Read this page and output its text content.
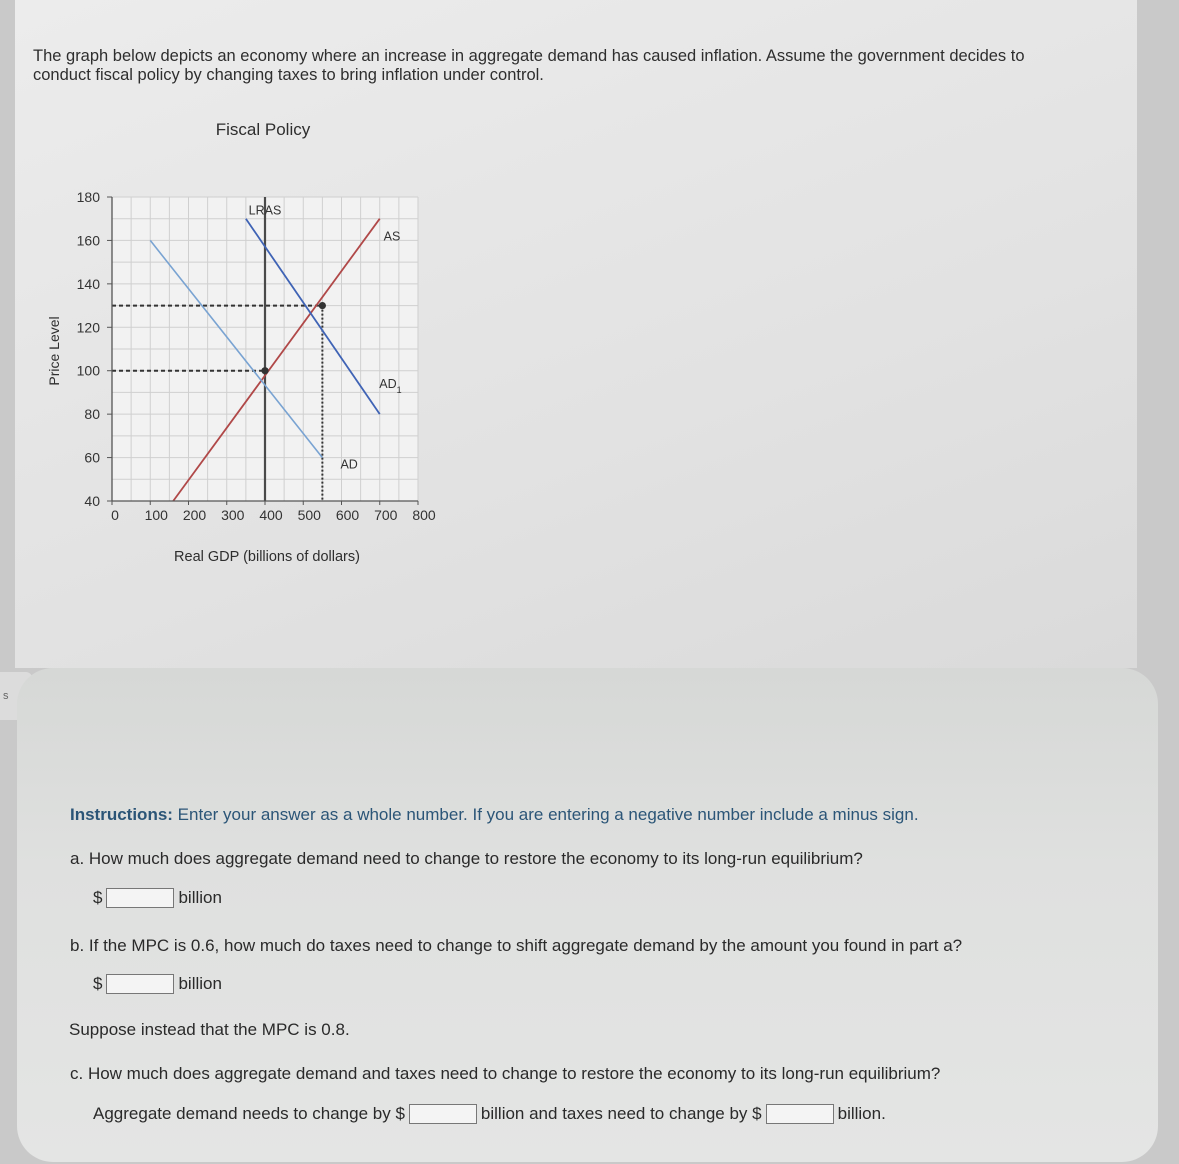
The graph below depicts an economy where an increase in aggregate demand has caused inflation. Assume the government decides to conduct fiscal policy by changing taxes to bring inflation under control.
Fiscal Policy
180
160
140
120
100
80
60
40
0 100 200 300 400 500 600 700 800
LRAS
AS
AD
$AD_1$
Real GDP (billions of dollars)
Price Level
s
Instructions: Enter your answer as a whole number. If you are entering a negative number include a minus sign.
a. How much does aggregate demand need to change to restore the economy to its long-run equilibrium?
$	billion
b. If the MPC is 0.6, how much do taxes need to change to shift aggregate demand by the amount you found in part a?
$	billion
Suppose instead that the MPC is 0.8.
c. How much does aggregate demand and taxes need to change to restore the economy to its long-run equilibrium?
Aggregate demand needs to change by $	billion and taxes need to change by $	billion.
